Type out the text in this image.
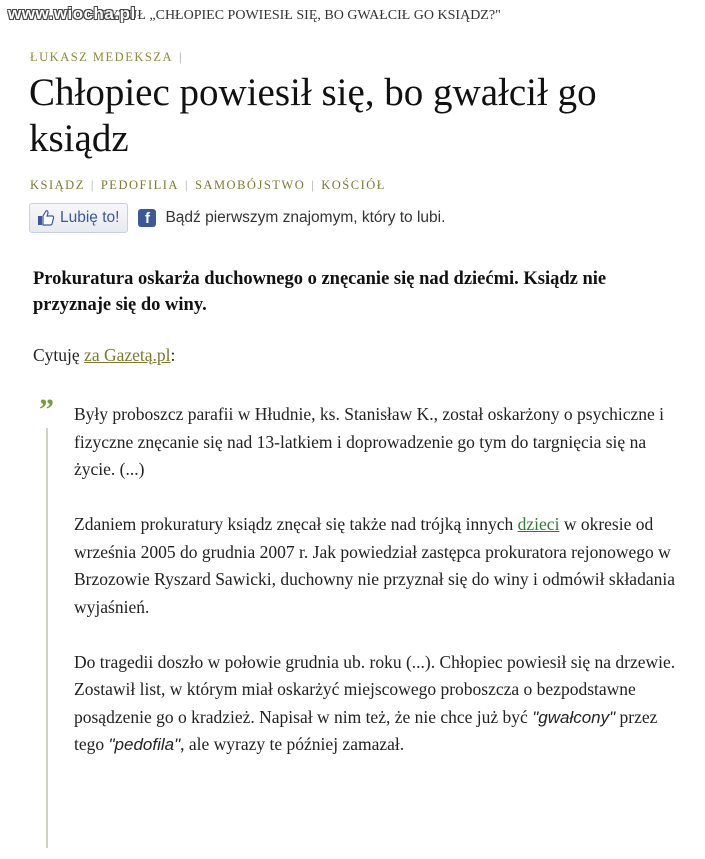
www.wiocha.pl
RYTUŁ „CHŁOPIEC POWIESIŁ SIĘ, BO GWAŁCIŁ GO KSIĄDZ?"
ŁUKASZ MEDEKSZA |
Chłopiec powiesił się, bo gwałcił go ksiądz
KSIĄDZ | PEDOFILIA | SAMOBÓJSTWO | KOŚCIÓŁ
Lubię to!	f	Bądź pierwszym znajomym, który to lubi.

Prokuratura oskarża duchownego o znęcanie się nad dziećmi. Ksiądz nie przyznaje się do winy.

Cytuję za Gazetą.pl:

” Były proboszcz parafii w Hłudnie, ks. Stanisław K., został oskarżony o psychiczne i fizyczne znęcanie się nad 13-latkiem i doprowadzenie go tym do targnięcia się na życie. (...)

Zdaniem prokuratury ksiądz znęcał się także nad trójką innych dzieci w okresie od września 2005 do grudnia 2007 r. Jak powiedział zastępca prokuratora rejonowego w Brzozowie Ryszard Sawicki, duchowny nie przyznał się do winy i odmówił składania wyjaśnień.

Do tragedii doszło w połowie grudnia ub. roku (...). Chłopiec powiesił się na drzewie. Zostawił list, w którym miał oskarżyć miejscowego proboszcza o bezpodstawne posądzenie go o kradzież. Napisał w nim też, że nie chce już być "gwałcony" przez tego "pedofila", ale wyrazy te później zamazał.
